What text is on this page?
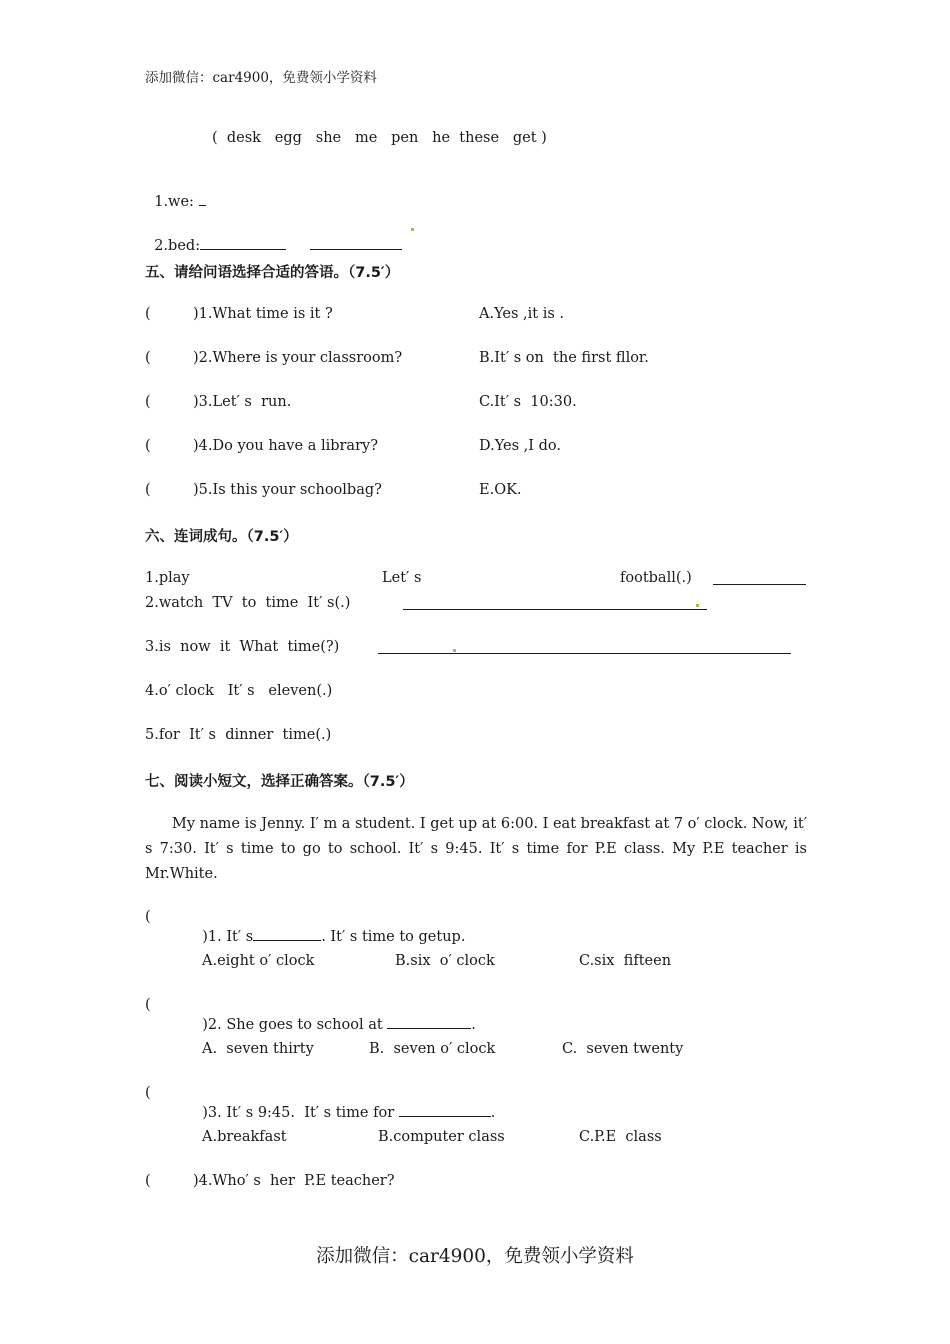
添加微信：car4900，免费领小学资料
(  desk   egg   she   me   pen   he  these   get )

1.we:

2.bed:

五、请给问语选择合适的答语。（7.5′）
(	)1.What time is it ?	A.Yes ,it is .
(	)2.Where is your classroom?	B.It′ s on  the first fllor.
(	)3.Let′ s  run.	C.It′ s  10:30.
(	)4.Do you have a library?	D.Yes ,I do.
(	)5.Is this your schoolbag?	E.OK.
六、连词成句。（7.5′）
1.play	Let′ s	football(.)
2.watch  TV  to  time  It′ s(.)
3.is  now  it  What  time(?)
4.o′ clock   It′ s   eleven(.)
5.for  It′ s  dinner  time(.)
七、阅读小短文，选择正确答案。（7.5′）
My name is Jenny. I′ m a student. I get up at 6:00. I eat breakfast at 7 o′ clock. Now, it′ s 7:30. It′ s time to go to school. It′ s 9:45. It′ s time for P.E class. My P.E teacher is Mr.White.
(

)1. It′ s	. It′ s time to getup.

A.eight o′ clock	B.six  o′ clock	C.six  fifteen
(

)2. She goes to school at	.

A.  seven thirty	B.  seven o′ clock	C.  seven twenty
(

)3. It′ s 9:45.  It′ s time for	.

A.breakfast	B.computer class	C.P.E  class
(	)4.Who′ s  her  P.E teacher?
添加微信：car4900，免费领小学资料
